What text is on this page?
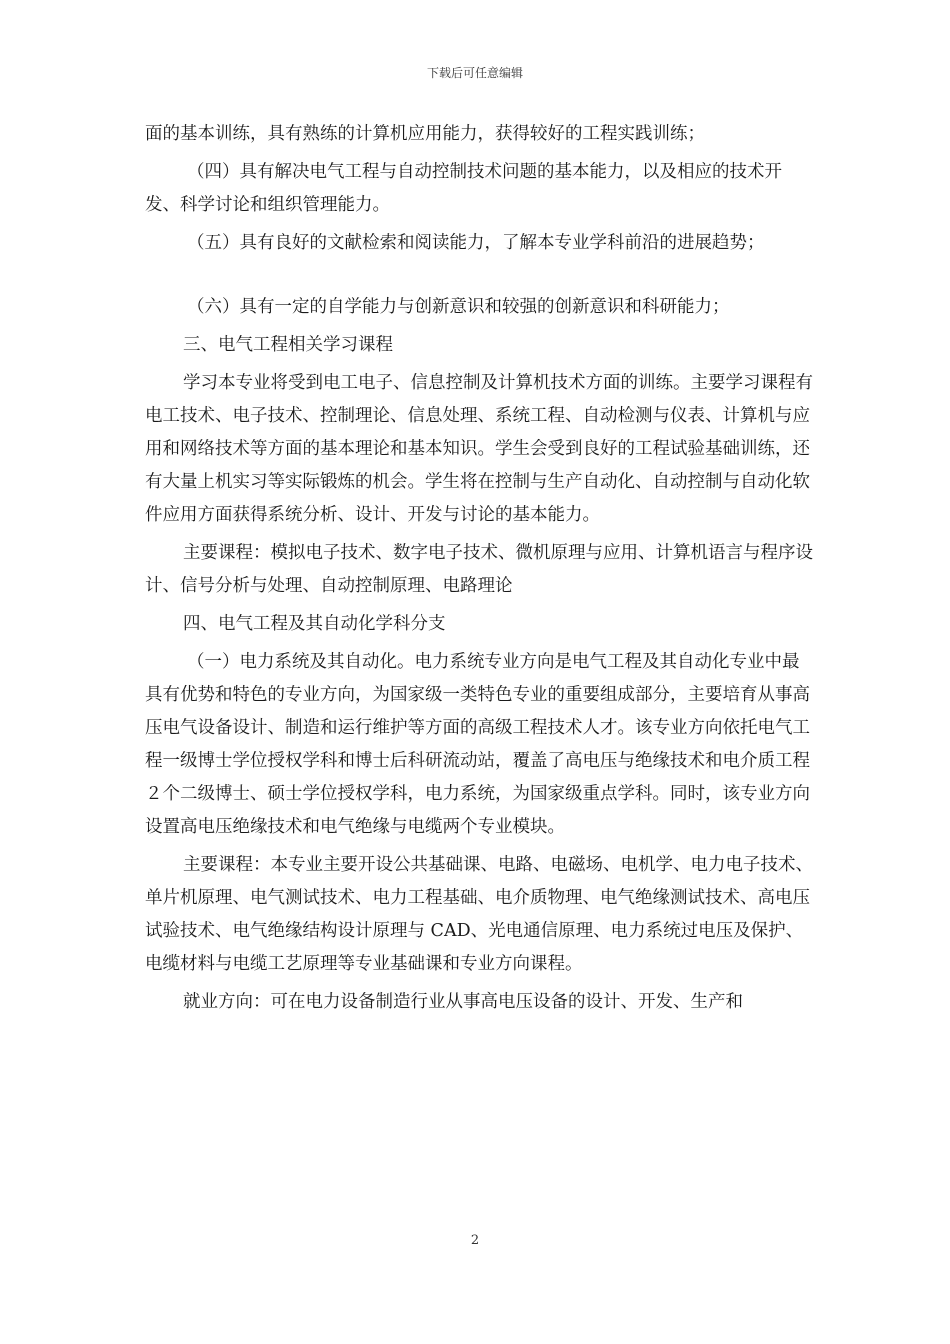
下载后可任意编辑

面的基本训练，具有熟练的计算机应用能力，获得较好的工程实践训练；

（四）具有解决电气工程与自动控制技术问题的基本能力，以及相应的技术开发、科学讨论和组织管理能力。

（五）具有良好的文献检索和阅读能力，了解本专业学科前沿的进展趋势；

（六）具有一定的自学能力与创新意识和较强的创新意识和科研能力；

三、电气工程相关学习课程

学习本专业将受到电工电子、信息控制及计算机技术方面的训练。主要学习课程有电工技术、电子技术、控制理论、信息处理、系统工程、自动检测与仪表、计算机与应用和网络技术等方面的基本理论和基本知识。学生会受到良好的工程试验基础训练，还有大量上机实习等实际锻炼的机会。学生将在控制与生产自动化、自动控制与自动化软件应用方面获得系统分析、设计、开发与讨论的基本能力。

主要课程：模拟电子技术、数字电子技术、微机原理与应用、计算机语言与程序设计、信号分析与处理、自动控制原理、电路理论

四、电气工程及其自动化学科分支

（一）电力系统及其自动化。电力系统专业方向是电气工程及其自动化专业中最具有优势和特色的专业方向，为国家级一类特色专业的重要组成部分，主要培育从事高压电气设备设计、制造和运行维护等方面的高级工程技术人才。该专业方向依托电气工程一级博士学位授权学科和博士后科研流动站，覆盖了高电压与绝缘技术和电介质工程２个二级博士、硕士学位授权学科，电力系统，为国家级重点学科。同时，该专业方向设置高电压绝缘技术和电气绝缘与电缆两个专业模块。

主要课程：本专业主要开设公共基础课、电路、电磁场、电机学、电力电子技术、单片机原理、电气测试技术、电力工程基础、电介质物理、电气绝缘测试技术、高电压试验技术、电气绝缘结构设计原理与 CAD、光电通信原理、电力系统过电压及保护、电缆材料与电缆工艺原理等专业基础课和专业方向课程。

就业方向：可在电力设备制造行业从事高电压设备的设计、开发、生产和

2
